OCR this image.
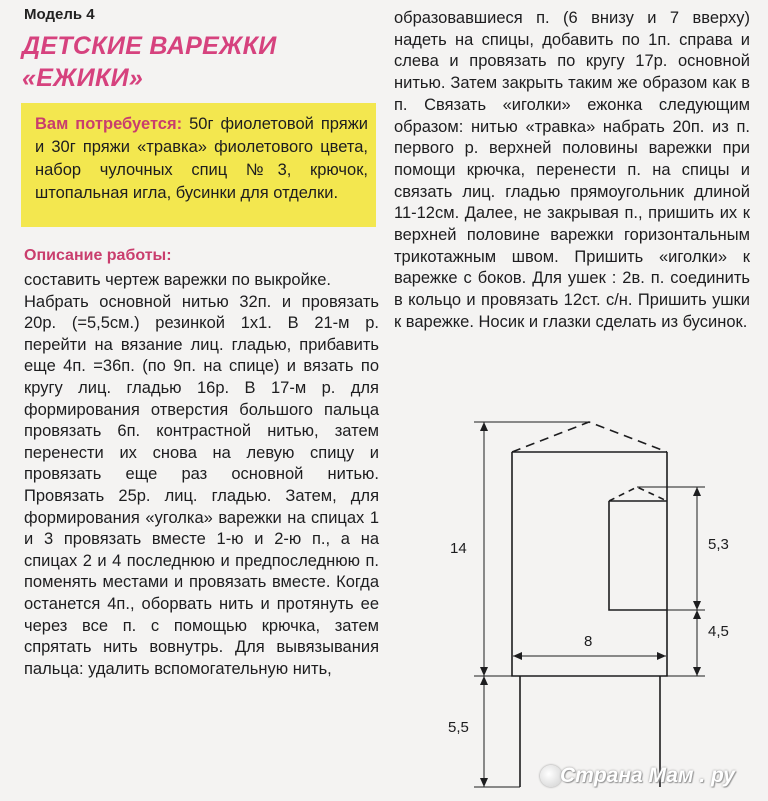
Модель 4
ДЕТСКИЕ ВАРЕЖКИ
«ЕЖИКИ»
Вам потребуется: 50г фиолетовой пряжи и 30г пряжи «травка» фиолетового цвета, набор чулочных спиц №3, крючок, штопальная игла, бусинки для отделки.
Описание работы:

составить чертеж варежки по выкройке.

Набрать основной нитью 32п. и провязать 20р. (=5,5см.) резинкой 1х1. В 21-м р. перейти на вязание лиц. гладью, прибавить еще 4п. =36п. (по 9п. на спице) и вязать по кругу лиц. гладью 16р. В 17-м р. для формирования отверстия большого пальца провязать 6п. контрастной нитью, затем перенести их снова на левую спицу и провязать еще раз основной нитью. Провязать 25р. лиц. гладью. Затем, для формирования «уголка» варежки на спицах 1 и 3 провязать вместе 1-ю и 2-ю п., а на спицах 2 и 4 последнюю и предпоследнюю п. поменять местами и провязать вместе. Когда останется 4п., оборвать нить и протянуть ее через все п. с помощью крючка, затем спрятать нить вовнутрь. Для вывязывания пальца: удалить вспомогательную нить,

образовавшиеся п. (6 внизу и 7 вверху) надеть на спицы, добавить по 1п. справа и слева и провязать по кругу 17р. основной нитью. Затем закрыть таким же образом как в п. Связать «иголки» ежонка следующим образом: нитью «травка» набрать 20п. из п. первого р. верхней половины варежки при помощи крючка, перенести п. на спицы и связать лиц. гладью прямоугольник длиной 11-12см. Далее, не закрывая п., пришить их к верхней половине варежки горизонтальным трикотажным швом. Пришить «иголки» к варежке с боков. Для ушек : 2в. п. соединить в кольцо и провязать 12ст. с/н. Пришить ушки к варежке. Носик и глазки сделать из бусинок.
14
8
5,3
4,5
5,5
Страна Мам . ру
